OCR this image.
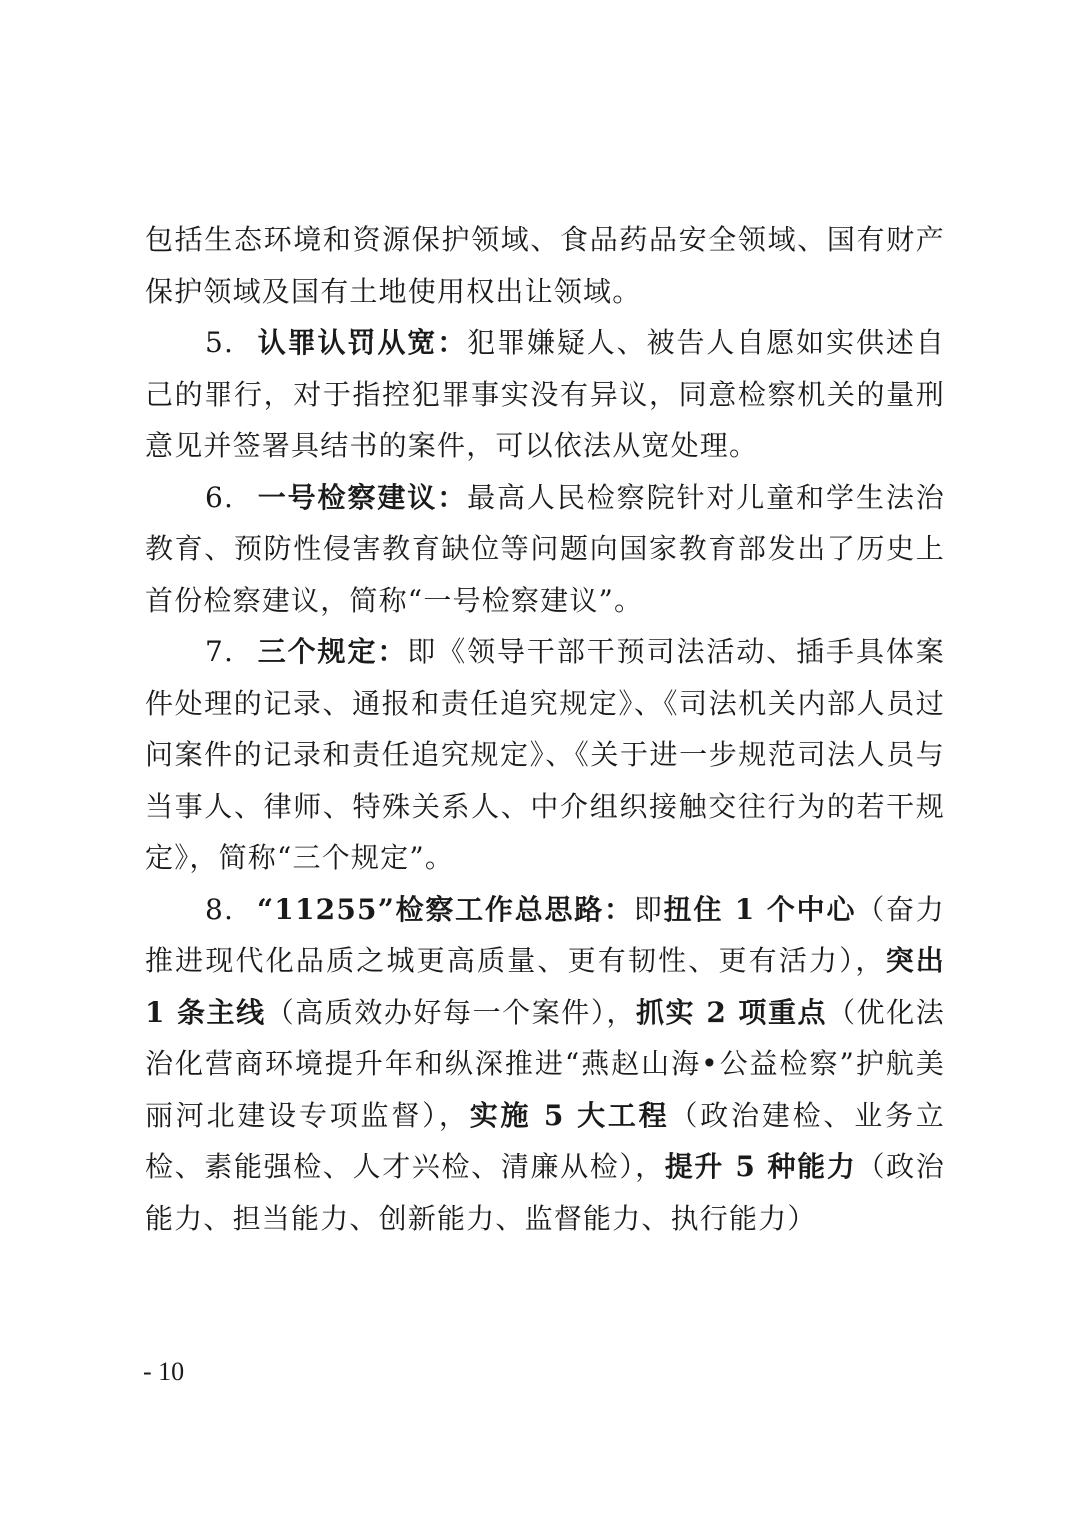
包括生态环境和资源保护领域、食品药品安全领域、国有财产保护领域及国有土地使用权出让领域。

5. 认罪认罚从宽：犯罪嫌疑人、被告人自愿如实供述自己的罪行，对于指控犯罪事实没有异议，同意检察机关的量刑意见并签署具结书的案件，可以依法从宽处理。

6. 一号检察建议：最高人民检察院针对儿童和学生法治教育、预防性侵害教育缺位等问题向国家教育部发出了历史上首份检察建议，简称“一号检察建议”。

7. 三个规定：即《领导干部干预司法活动、插手具体案件处理的记录、通报和责任追究规定》、《司法机关内部人员过问案件的记录和责任追究规定》、《关于进一步规范司法人员与当事人、律师、特殊关系人、中介组织接触交往行为的若干规定》，简称“三个规定”。

8. “11255”检察工作总思路：即扭住 1 个中心（奋力推进现代化品质之城更高质量、更有韧性、更有活力），突出 1 条主线（高质效办好每一个案件），抓实 2 项重点（优化法治化营商环境提升年和纵深推进“燕赵山海•公益检察”护航美丽河北建设专项监督），实施 5 大工程（政治建检、业务立检、素能强检、人才兴检、清廉从检），提升 5 种能力（政治能力、担当能力、创新能力、监督能力、执行能力）

- 10
